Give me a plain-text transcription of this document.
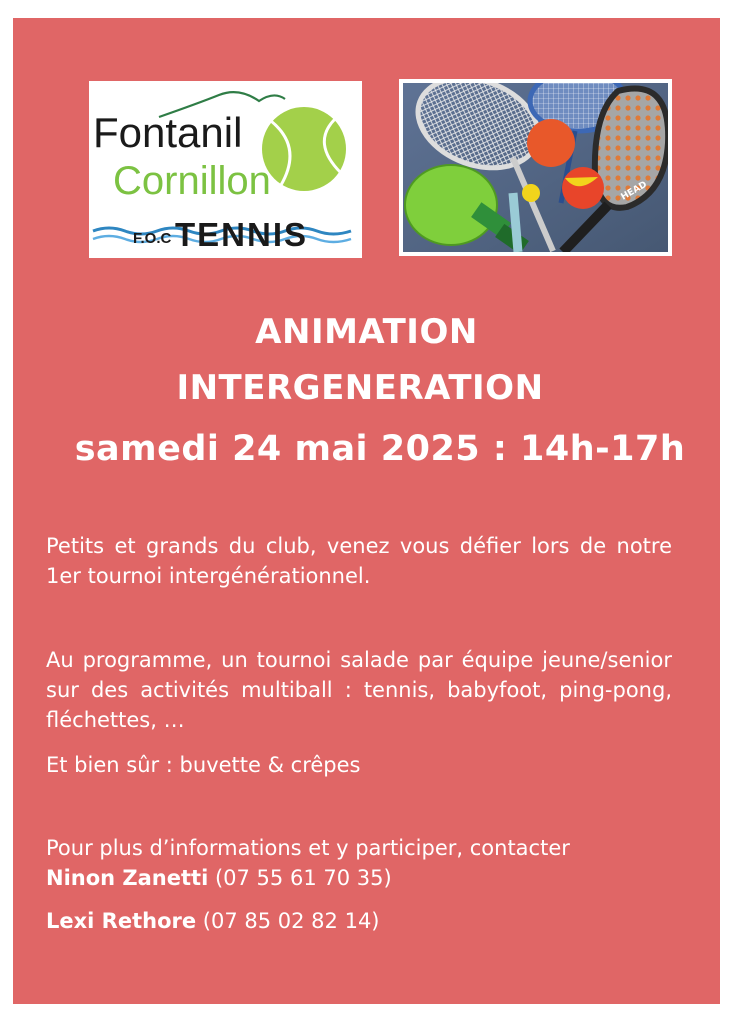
Fontanil
Cornillon
F.O.C TENNIS
HEAD
ANIMATION
INTERGENERATION
samedi 24 mai 2025 : 14h-17h
Petits et grands du club, venez vous défier lors de notre 1er tournoi intergénérationnel.
Au programme, un tournoi salade par équipe jeune/senior sur des activités multiball : tennis, babyfoot, ping-pong, fléchettes, …
Et bien sûr : buvette & crêpes
Pour plus d’informations et y participer, contacter
Ninon Zanetti (07 55 61 70 35)
Lexi Rethore (07 85 02 82 14)
